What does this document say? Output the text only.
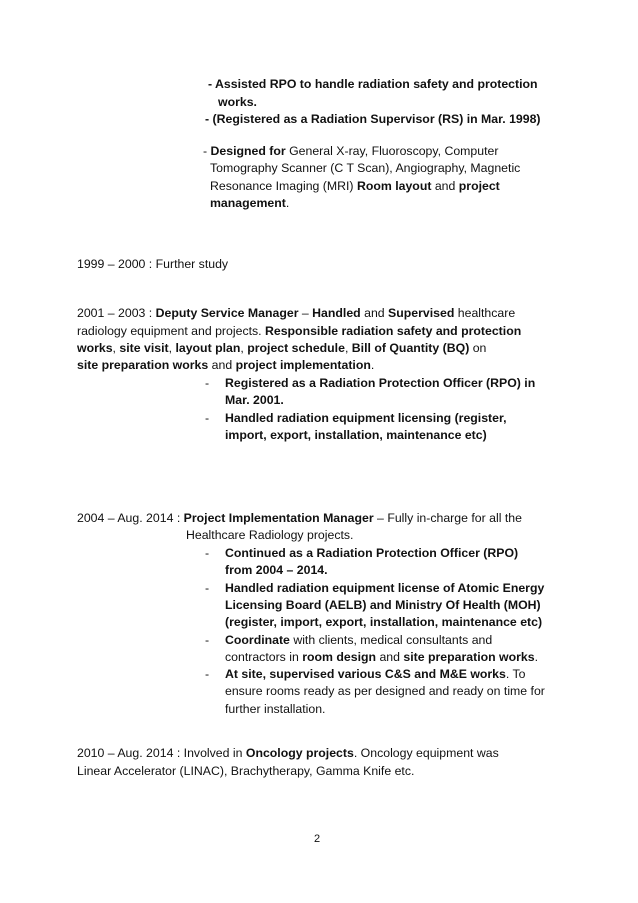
- Assisted RPO to handle radiation safety and protection
works.
- (Registered as a Radiation Supervisor (RS) in Mar. 1998)
- Designed for General X-ray, Fluoroscopy, Computer
Tomography Scanner (C T Scan), Angiography, Magnetic
Resonance Imaging (MRI) Room layout and project
management.
1999 – 2000 : Further study
2001 – 2003 : Deputy Service Manager – Handled and Supervised healthcare
radiology equipment and projects. Responsible radiation safety and protection
works, site visit, layout plan, project schedule, Bill of Quantity (BQ) on
site preparation works and project implementation.
- Registered as a Radiation Protection Officer (RPO) in
Mar. 2001.
- Handled radiation equipment licensing (register,
import, export, installation, maintenance etc)
2004 – Aug. 2014 : Project Implementation Manager – Fully in-charge for all the
Healthcare Radiology projects.
- Continued as a Radiation Protection Officer (RPO)
from 2004 – 2014.
- Handled radiation equipment license of Atomic Energy
Licensing Board (AELB) and Ministry Of Health (MOH)
(register, import, export, installation, maintenance etc)
- Coordinate with clients, medical consultants and
contractors in room design and site preparation works.
- At site, supervised various C&S and M&E works. To
ensure rooms ready as per designed and ready on time for
further installation.
2010 – Aug. 2014 : Involved in Oncology projects. Oncology equipment was
Linear Accelerator (LINAC), Brachytherapy, Gamma Knife etc.
2
